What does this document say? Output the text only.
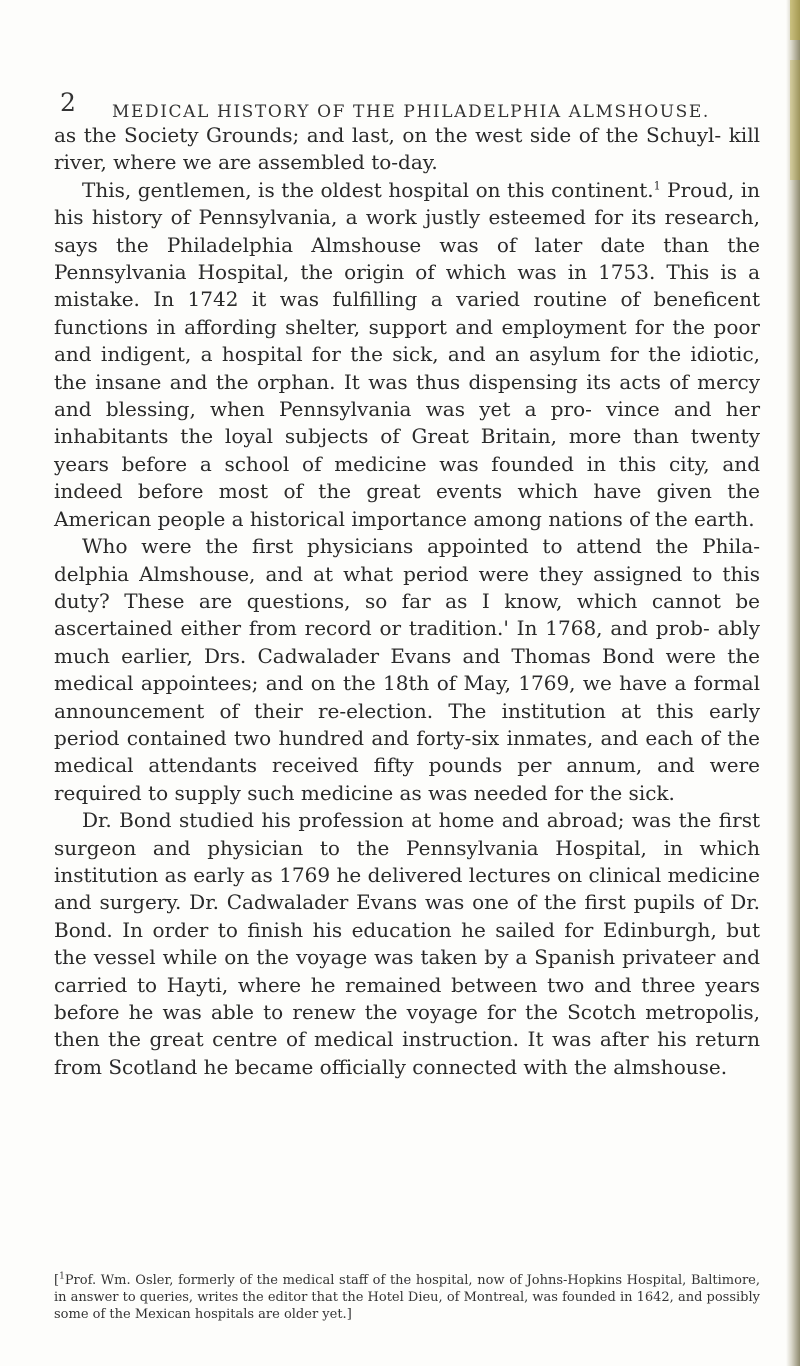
2 MEDICAL HISTORY OF THE PHILADELPHIA ALMSHOUSE.

as the Society Grounds; and last, on the west side of the Schuyl- kill river, where we are assembled to-day.

This, gentlemen, is the oldest hospital on this continent.$^1$ Proud, in his history of Pennsylvania, a work justly esteemed for its research, says the Philadelphia Almshouse was of later date than the Pennsylvania Hospital, the origin of which was in 1753. This is a mistake. In 1742 it was fulfilling a varied routine of beneficent functions in affording shelter, support and employment for the poor and indigent, a hospital for the sick, and an asylum for the idiotic, the insane and the orphan. It was thus dispensing its acts of mercy and blessing, when Pennsylvania was yet a pro- vince and her inhabitants the loyal subjects of Great Britain, more than twenty years before a school of medicine was founded in this city, and indeed before most of the great events which have given the American people a historical importance among nations of the earth.

Who were the first physicians appointed to attend the Phila- delphia Almshouse, and at what period were they assigned to this duty? These are questions, so far as I know, which cannot be ascertained either from record or tradition.' In 1768, and prob- ably much earlier, Drs. Cadwalader Evans and Thomas Bond were the medical appointees; and on the 18th of May, 1769, we have a formal announcement of their re-election. The institution at this early period contained two hundred and forty-six inmates, and each of the medical attendants received fifty pounds per annum, and were required to supply such medicine as was needed for the sick.

Dr. Bond studied his profession at home and abroad; was the first surgeon and physician to the Pennsylvania Hospital, in which institution as early as 1769 he delivered lectures on clinical medicine and surgery. Dr. Cadwalader Evans was one of the first pupils of Dr. Bond. In order to finish his education he sailed for Edinburgh, but the vessel while on the voyage was taken by a Spanish privateer and carried to Hayti, where he remained between two and three years before he was able to renew the voyage for the Scotch metropolis, then the great centre of medical instruction. It was after his return from Scotland he became officially connected with the almshouse.

[$^1$Prof. Wm. Osler, formerly of the medical staff of the hospital, now of Johns-Hopkins Hospital, Baltimore, in answer to queries, writes the editor that the Hotel Dieu, of Montreal, was founded in 1642, and possibly some of the Mexican hospitals are older yet.]
